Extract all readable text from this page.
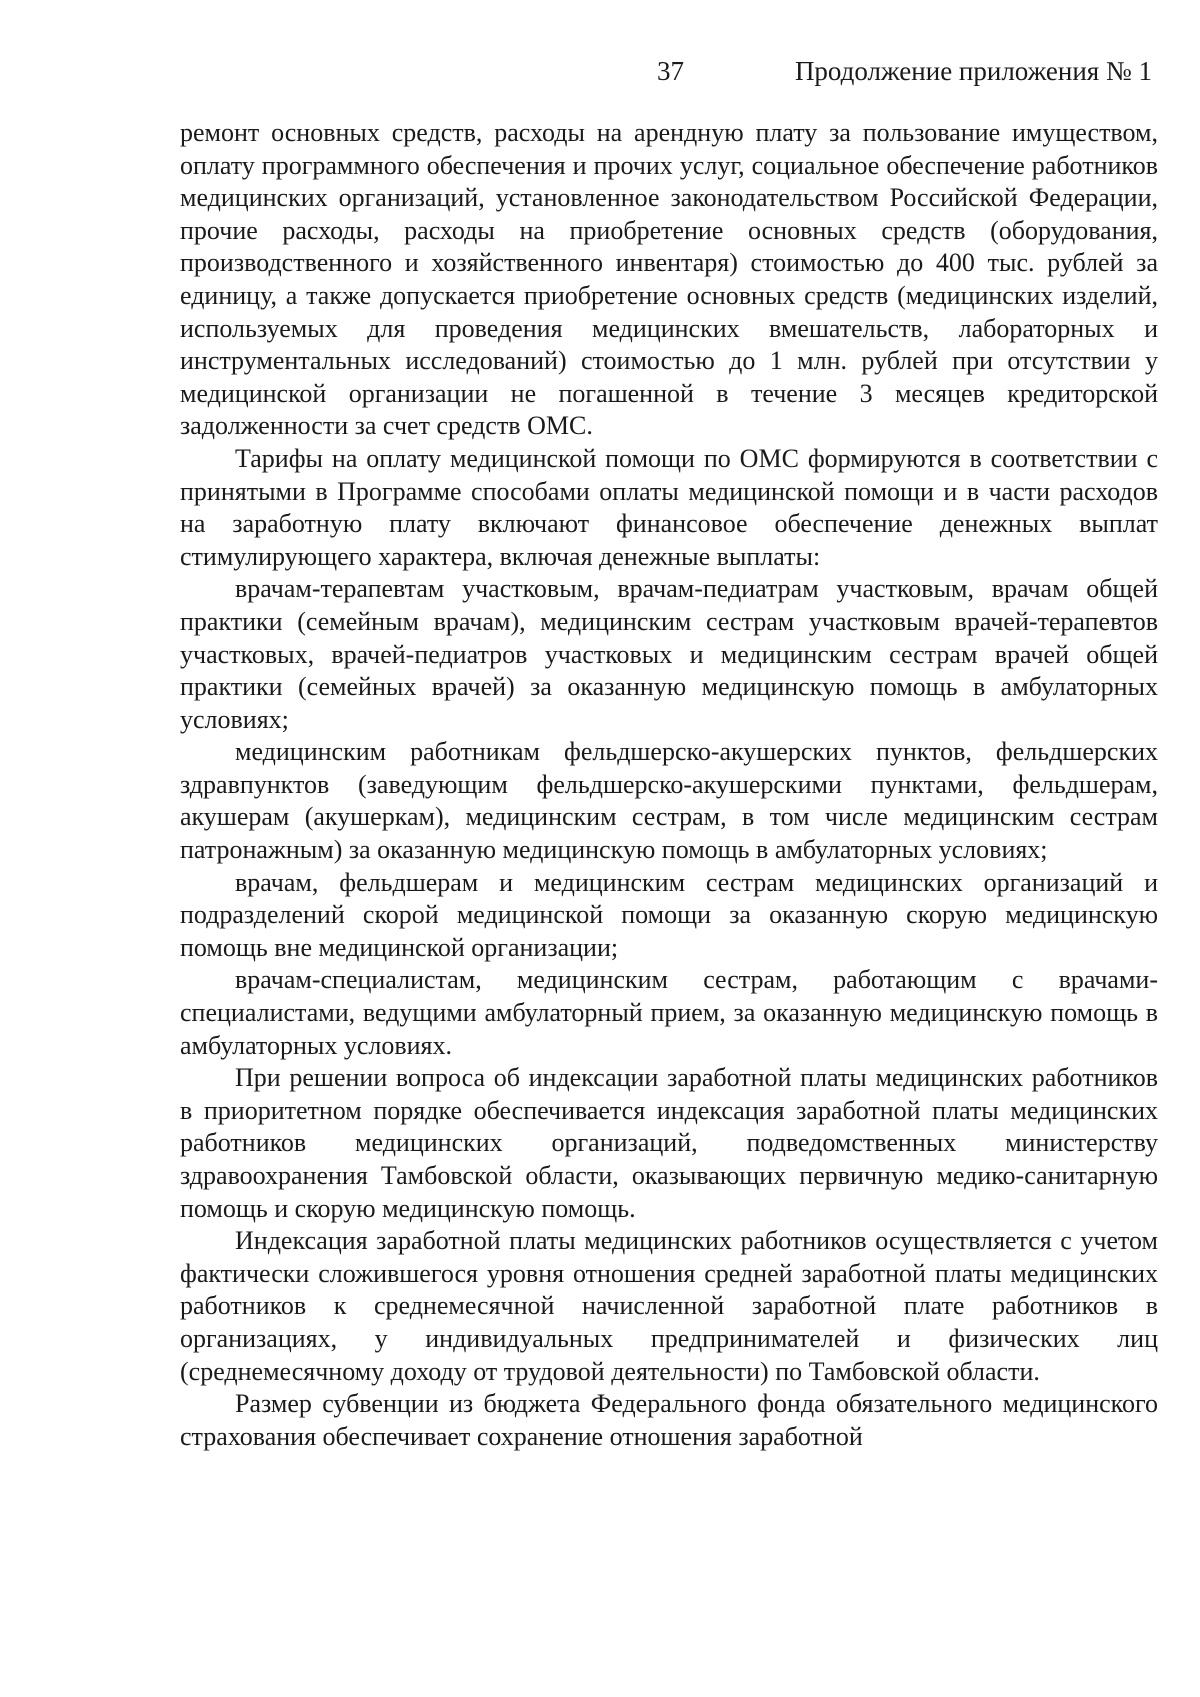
37	Продолжение приложения № 1

ремонт основных средств, расходы на арендную плату за пользование имуществом, оплату программного обеспечения и прочих услуг, социальное обеспечение работников медицинских организаций, установленное законодательством Российской Федерации, прочие расходы, расходы на приобретение основных средств (оборудования, производственного и хозяйственного инвентаря) стоимостью до 400 тыс. рублей за единицу, а также допускается приобретение основных средств (медицинских изделий, используемых для проведения медицинских вмешательств, лабораторных и инструментальных исследований) стоимостью до 1 млн. рублей при отсутствии у медицинской организации не погашенной в течение 3 месяцев кредиторской задолженности за счет средств ОМС.

Тарифы на оплату медицинской помощи по ОМС формируются в соответствии с принятыми в Программе способами оплаты медицинской помощи и в части расходов на заработную плату включают финансовое обеспечение денежных выплат стимулирующего характера, включая денежные выплаты:

врачам-терапевтам участковым, врачам-педиатрам участковым, врачам общей практики (семейным врачам), медицинским сестрам участковым врачей-терапевтов участковых, врачей-педиатров участковых и медицинским сестрам врачей общей практики (семейных врачей) за оказанную медицинскую помощь в амбулаторных условиях;

медицинским работникам фельдшерско-акушерских пунктов, фельдшерских здравпунктов (заведующим фельдшерско-акушерскими пунктами, фельдшерам, акушерам (акушеркам), медицинским сестрам, в том числе медицинским сестрам патронажным) за оказанную медицинскую помощь в амбулаторных условиях;

врачам, фельдшерам и медицинским сестрам медицинских организаций и подразделений скорой медицинской помощи за оказанную скорую медицинскую помощь вне медицинской организации;

врачам-специалистам, медицинским сестрам, работающим с врачами-специалистами, ведущими амбулаторный прием, за оказанную медицинскую помощь в амбулаторных условиях.

При решении вопроса об индексации заработной платы медицинских работников в приоритетном порядке обеспечивается индексация заработной платы медицинских работников медицинских организаций, подведомственных министерству здравоохранения Тамбовской области, оказывающих первичную медико-санитарную помощь и скорую медицинскую помощь.

Индексация заработной платы медицинских работников осуществляется с учетом фактически сложившегося уровня отношения средней заработной платы медицинских работников к среднемесячной начисленной заработной плате работников в организациях, у индивидуальных предпринимателей и физических лиц (среднемесячному доходу от трудовой деятельности) по Тамбовской области.

Размер субвенции из бюджета Федерального фонда обязательного медицинского страхования обеспечивает сохранение отношения заработной
